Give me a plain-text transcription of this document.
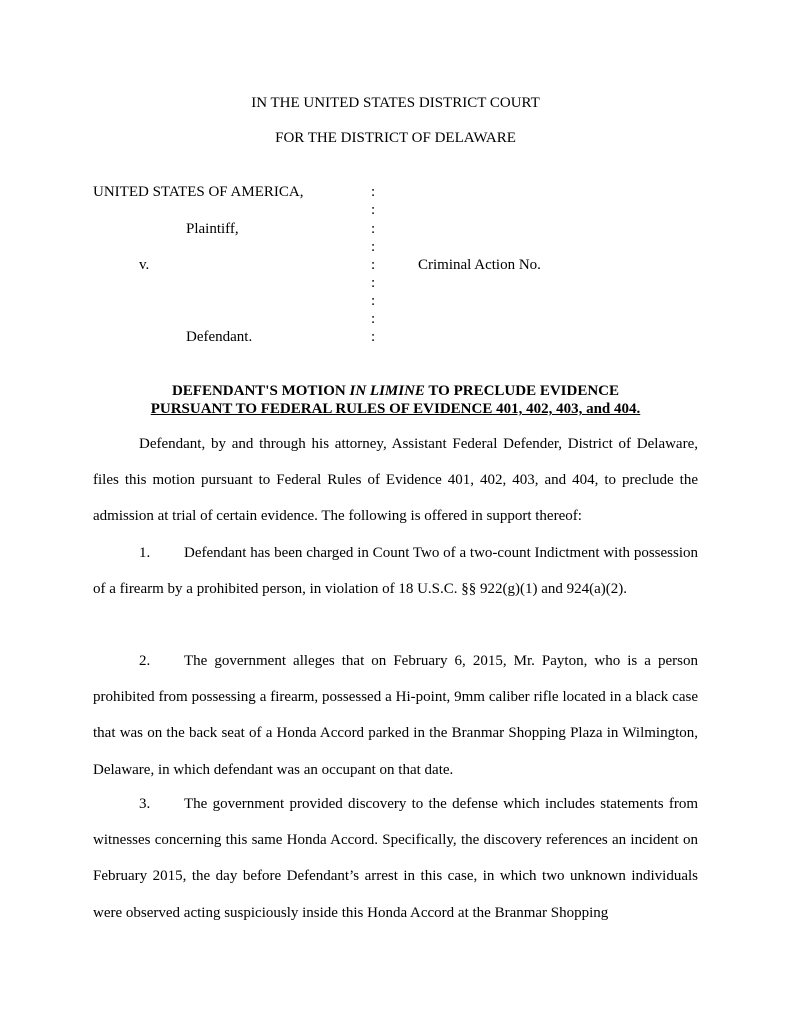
IN THE UNITED STATES DISTRICT COURT
FOR THE DISTRICT OF DELAWARE
UNITED STATES OF AMERICA,
Plaintiff,
v.	Criminal Action No.
Defendant.
:
:
:
:
:
:
:
:
:
DEFENDANT'S MOTION IN LIMINE TO PRECLUDE EVIDENCE
PURSUANT TO FEDERAL RULES OF EVIDENCE 401, 402, 403, and 404.

Defendant, by and through his attorney, Assistant Federal Defender, District of Delaware, files this motion pursuant to Federal Rules of Evidence 401, 402, 403, and 404, to preclude the admission at trial of certain evidence. The following is offered in support thereof:

1. Defendant has been charged in Count Two of a two-count Indictment with possession of a firearm by a prohibited person, in violation of 18 U.S.C. §§ 922(g)(1) and 924(a)(2).

2. The government alleges that on February 6, 2015, Mr. Payton, who is a person prohibited from possessing a firearm, possessed a Hi-point, 9mm caliber rifle located in a black case that was on the back seat of a Honda Accord parked in the Branmar Shopping Plaza in Wilmington, Delaware, in which defendant was an occupant on that date.

3. The government provided discovery to the defense which includes statements from witnesses concerning this same Honda Accord. Specifically, the discovery references an incident on February 2015, the day before Defendant’s arrest in this case, in which two unknown individuals were observed acting suspiciously inside this Honda Accord at the Branmar Shopping
